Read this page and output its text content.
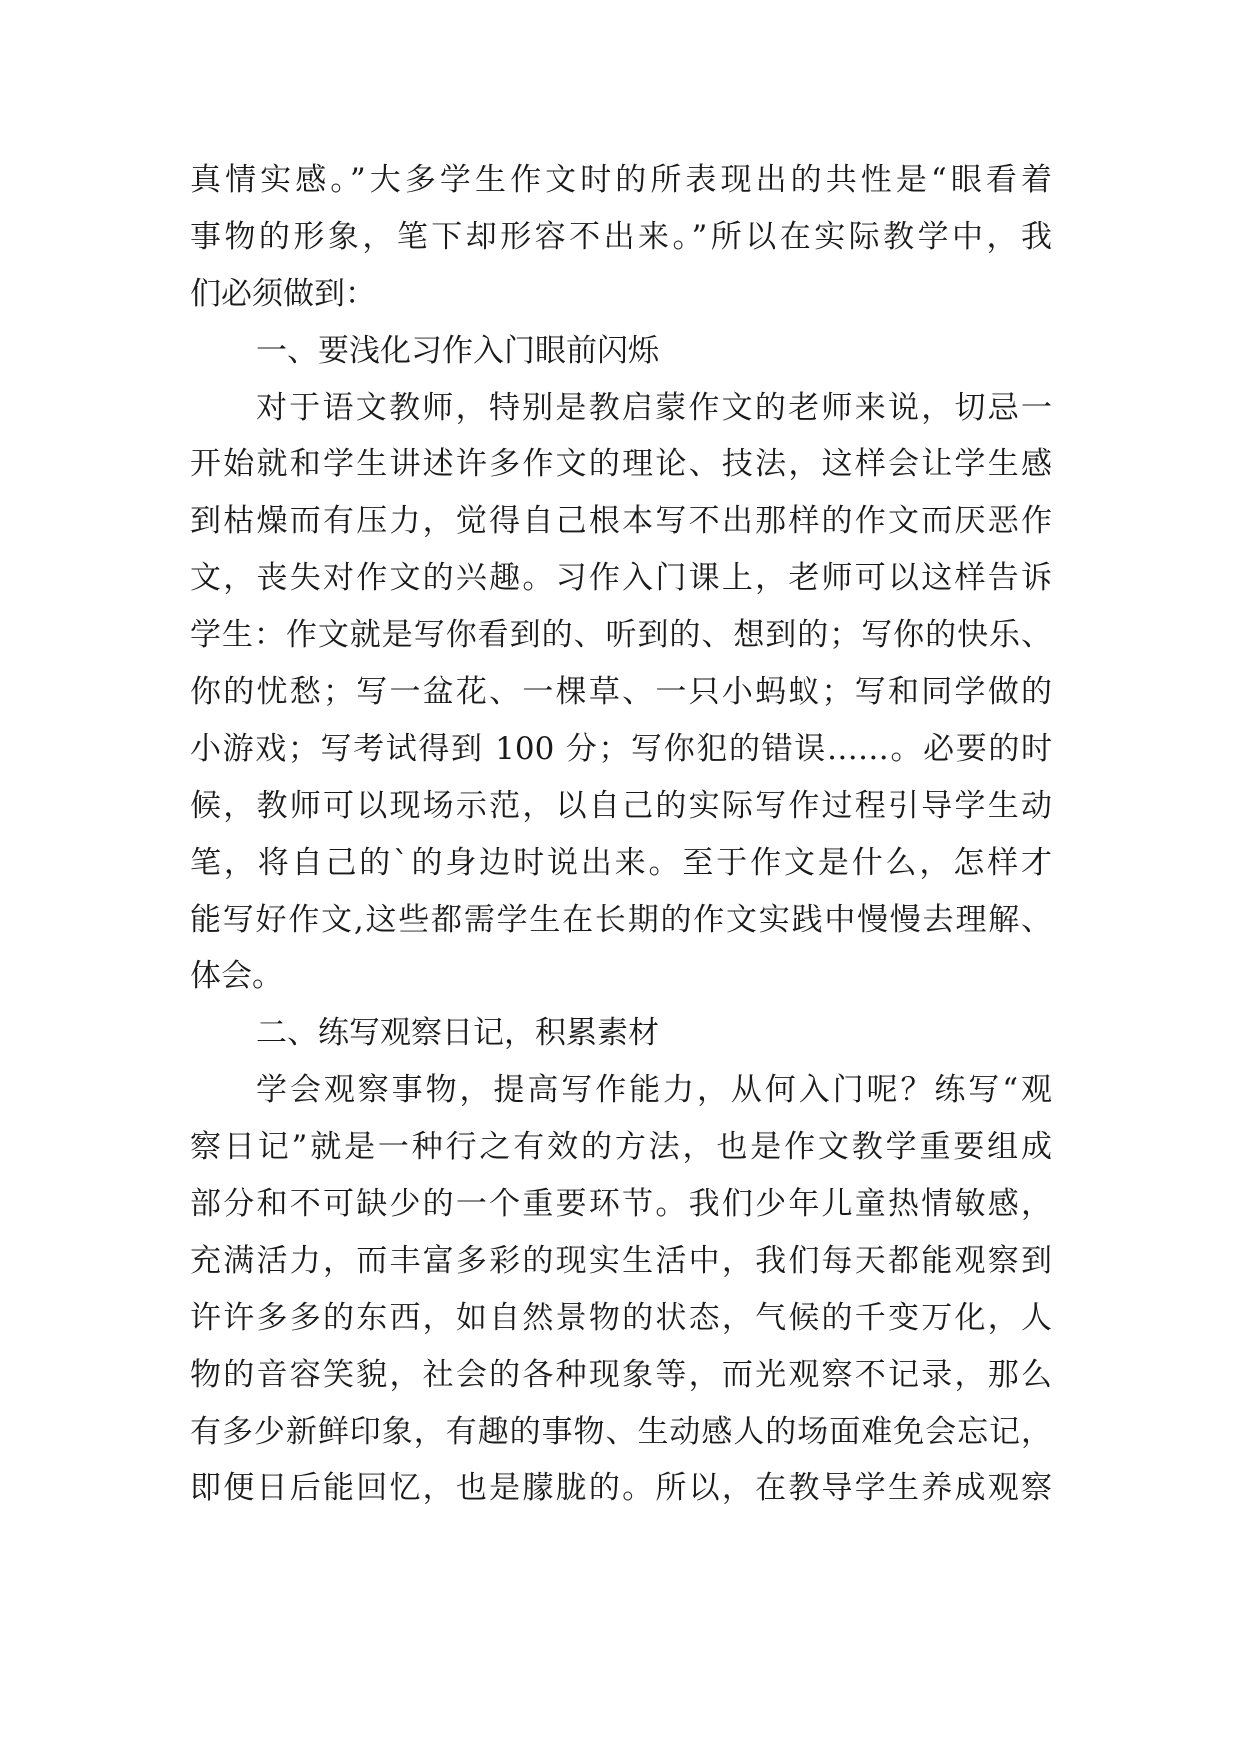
真情实感。”大多学生作文时的所表现出的共性是“眼看着
事物的形象，笔下却形容不出来。”所以在实际教学中，我
们必须做到：
一、要浅化习作入门眼前闪烁
对于语文教师，特别是教启蒙作文的老师来说，切忌一
开始就和学生讲述许多作文的理论、技法，这样会让学生感
到枯燥而有压力，觉得自己根本写不出那样的作文而厌恶作
文，丧失对作文的兴趣。习作入门课上，老师可以这样告诉
学生：作文就是写你看到的、听到的、想到的；写你的快乐、
你的忧愁；写一盆花、一棵草、一只小蚂蚁；写和同学做的
小游戏；写考试得到 100 分；写你犯的错误……。必要的时
候，教师可以现场示范，以自己的实际写作过程引导学生动
笔，将自己的`的身边时说出来。至于作文是什么，怎样才
能写好作文,这些都需学生在长期的作文实践中慢慢去理解、
体会。
二、练写观察日记，积累素材
学会观察事物，提高写作能力，从何入门呢？练写“观
察日记”就是一种行之有效的方法，也是作文教学重要组成
部分和不可缺少的一个重要环节。我们少年儿童热情敏感，
充满活力，而丰富多彩的现实生活中，我们每天都能观察到
许许多多的东西，如自然景物的状态，气候的千变万化，人
物的音容笑貌，社会的各种现象等，而光观察不记录，那么
有多少新鲜印象，有趣的事物、生动感人的场面难免会忘记，
即便日后能回忆，也是朦胧的。所以，在教导学生养成观察
